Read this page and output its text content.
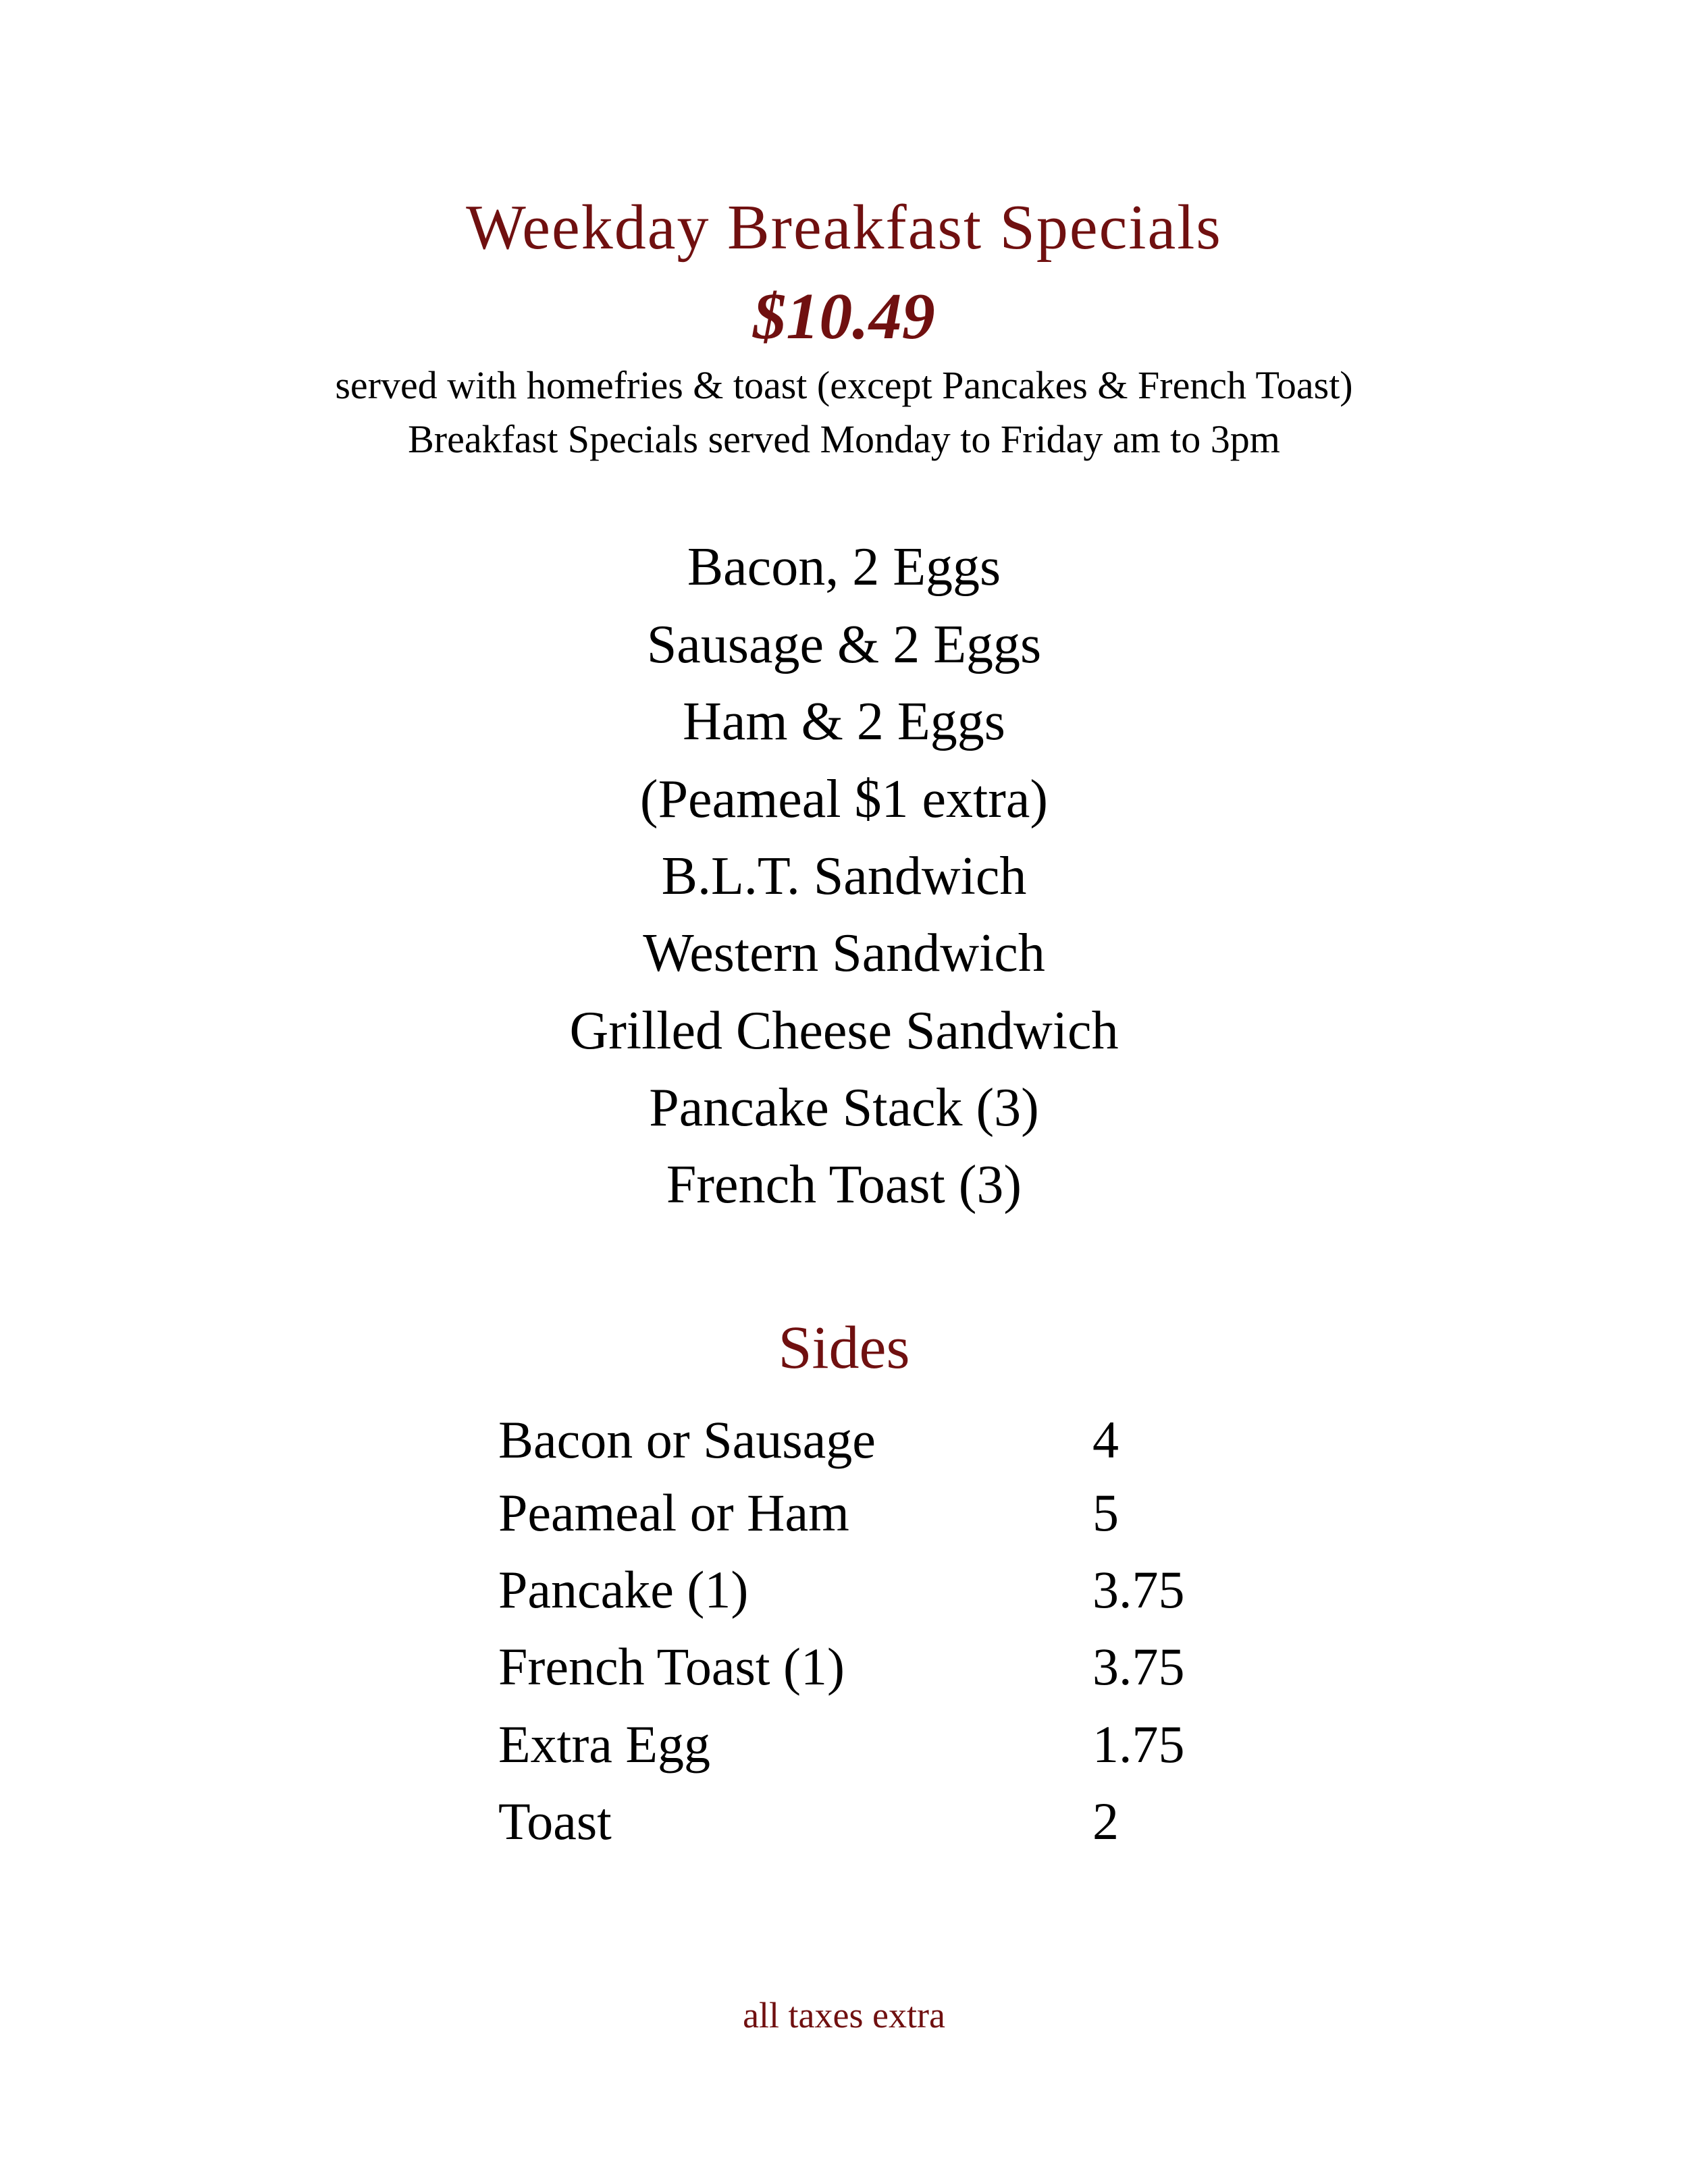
Weekday Breakfast Specials
$10.49
served with homefries & toast (except Pancakes & French Toast)
Breakfast Specials served Monday to Friday am to 3pm
Bacon, 2 Eggs
Sausage & 2 Eggs
Ham & 2 Eggs
(Peameal $1 extra)
B.L.T. Sandwich
Western Sandwich
Grilled Cheese Sandwich
Pancake Stack (3)
French Toast (3)
Sides
Bacon or Sausage	4
Peameal or Ham	5
Pancake (1)	3.75
French Toast (1)	3.75
Extra Egg	1.75
Toast	2
all taxes extra
